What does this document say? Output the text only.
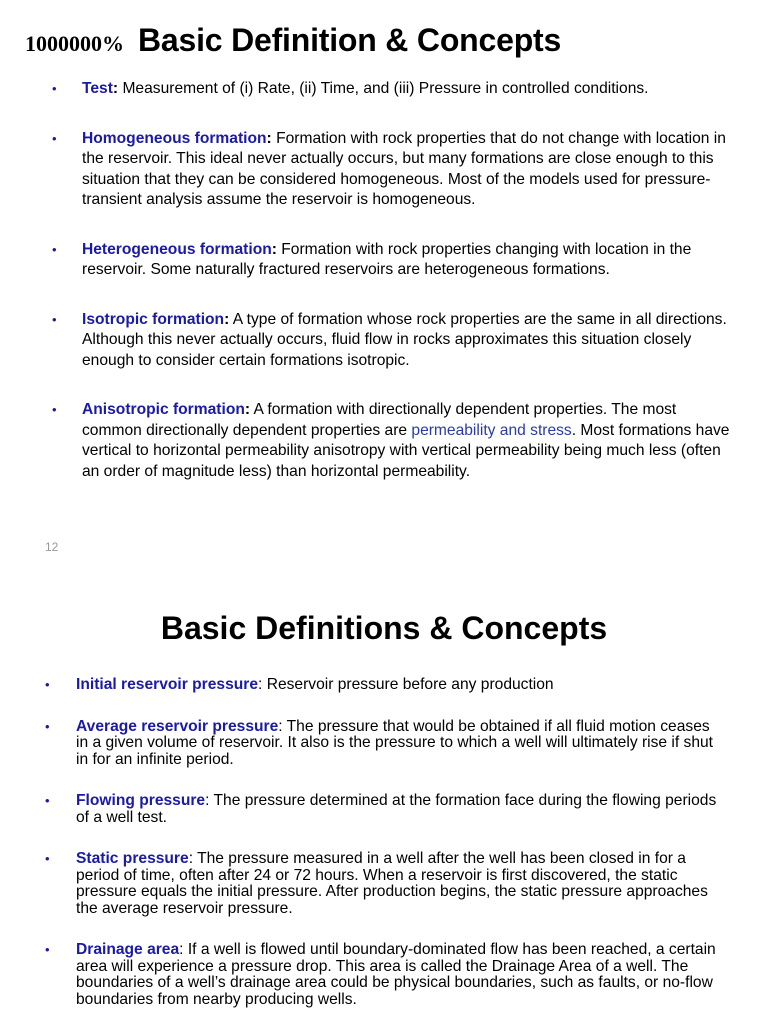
1000000% Basic Definition & Concepts
•	Test: Measurement of (i) Rate, (ii) Time, and (iii) Pressure in controlled conditions.
•	Homogeneous formation: Formation with rock properties that do not change with location in the reservoir. This ideal never actually occurs, but many formations are close enough to this situation that they can be considered homogeneous. Most of the models used for pressure-transient analysis assume the reservoir is homogeneous.
•	Heterogeneous formation: Formation with rock properties changing with location in the reservoir. Some naturally fractured reservoirs are heterogeneous formations.
•	Isotropic formation: A type of formation whose rock properties are the same in all directions. Although this never actually occurs, fluid flow in rocks approximates this situation closely enough to consider certain formations isotropic.
•	Anisotropic formation: A formation with directionally dependent properties. The most common directionally dependent properties are permeability and stress. Most formations have vertical to horizontal permeability anisotropy with vertical permeability being much less (often an order of magnitude less) than horizontal permeability.
12
Basic Definitions & Concepts
•	Initial reservoir pressure: Reservoir pressure before any production
•	Average reservoir pressure: The pressure that would be obtained if all fluid motion ceases in a given volume of reservoir. It also is the pressure to which a well will ultimately rise if shut in for an infinite period.
•	Flowing pressure: The pressure determined at the formation face during the flowing periods of a well test.
•	Static pressure: The pressure measured in a well after the well has been closed in for a period of time, often after 24 or 72 hours. When a reservoir is first discovered, the static pressure equals the initial pressure. After production begins, the static pressure approaches the average reservoir pressure.
•	Drainage area: If a well is flowed until boundary-dominated flow has been reached, a certain area will experience a pressure drop. This area is called the Drainage Area of a well. The boundaries of a well’s drainage area could be physical boundaries, such as faults, or no-flow boundaries from nearby producing wells.
